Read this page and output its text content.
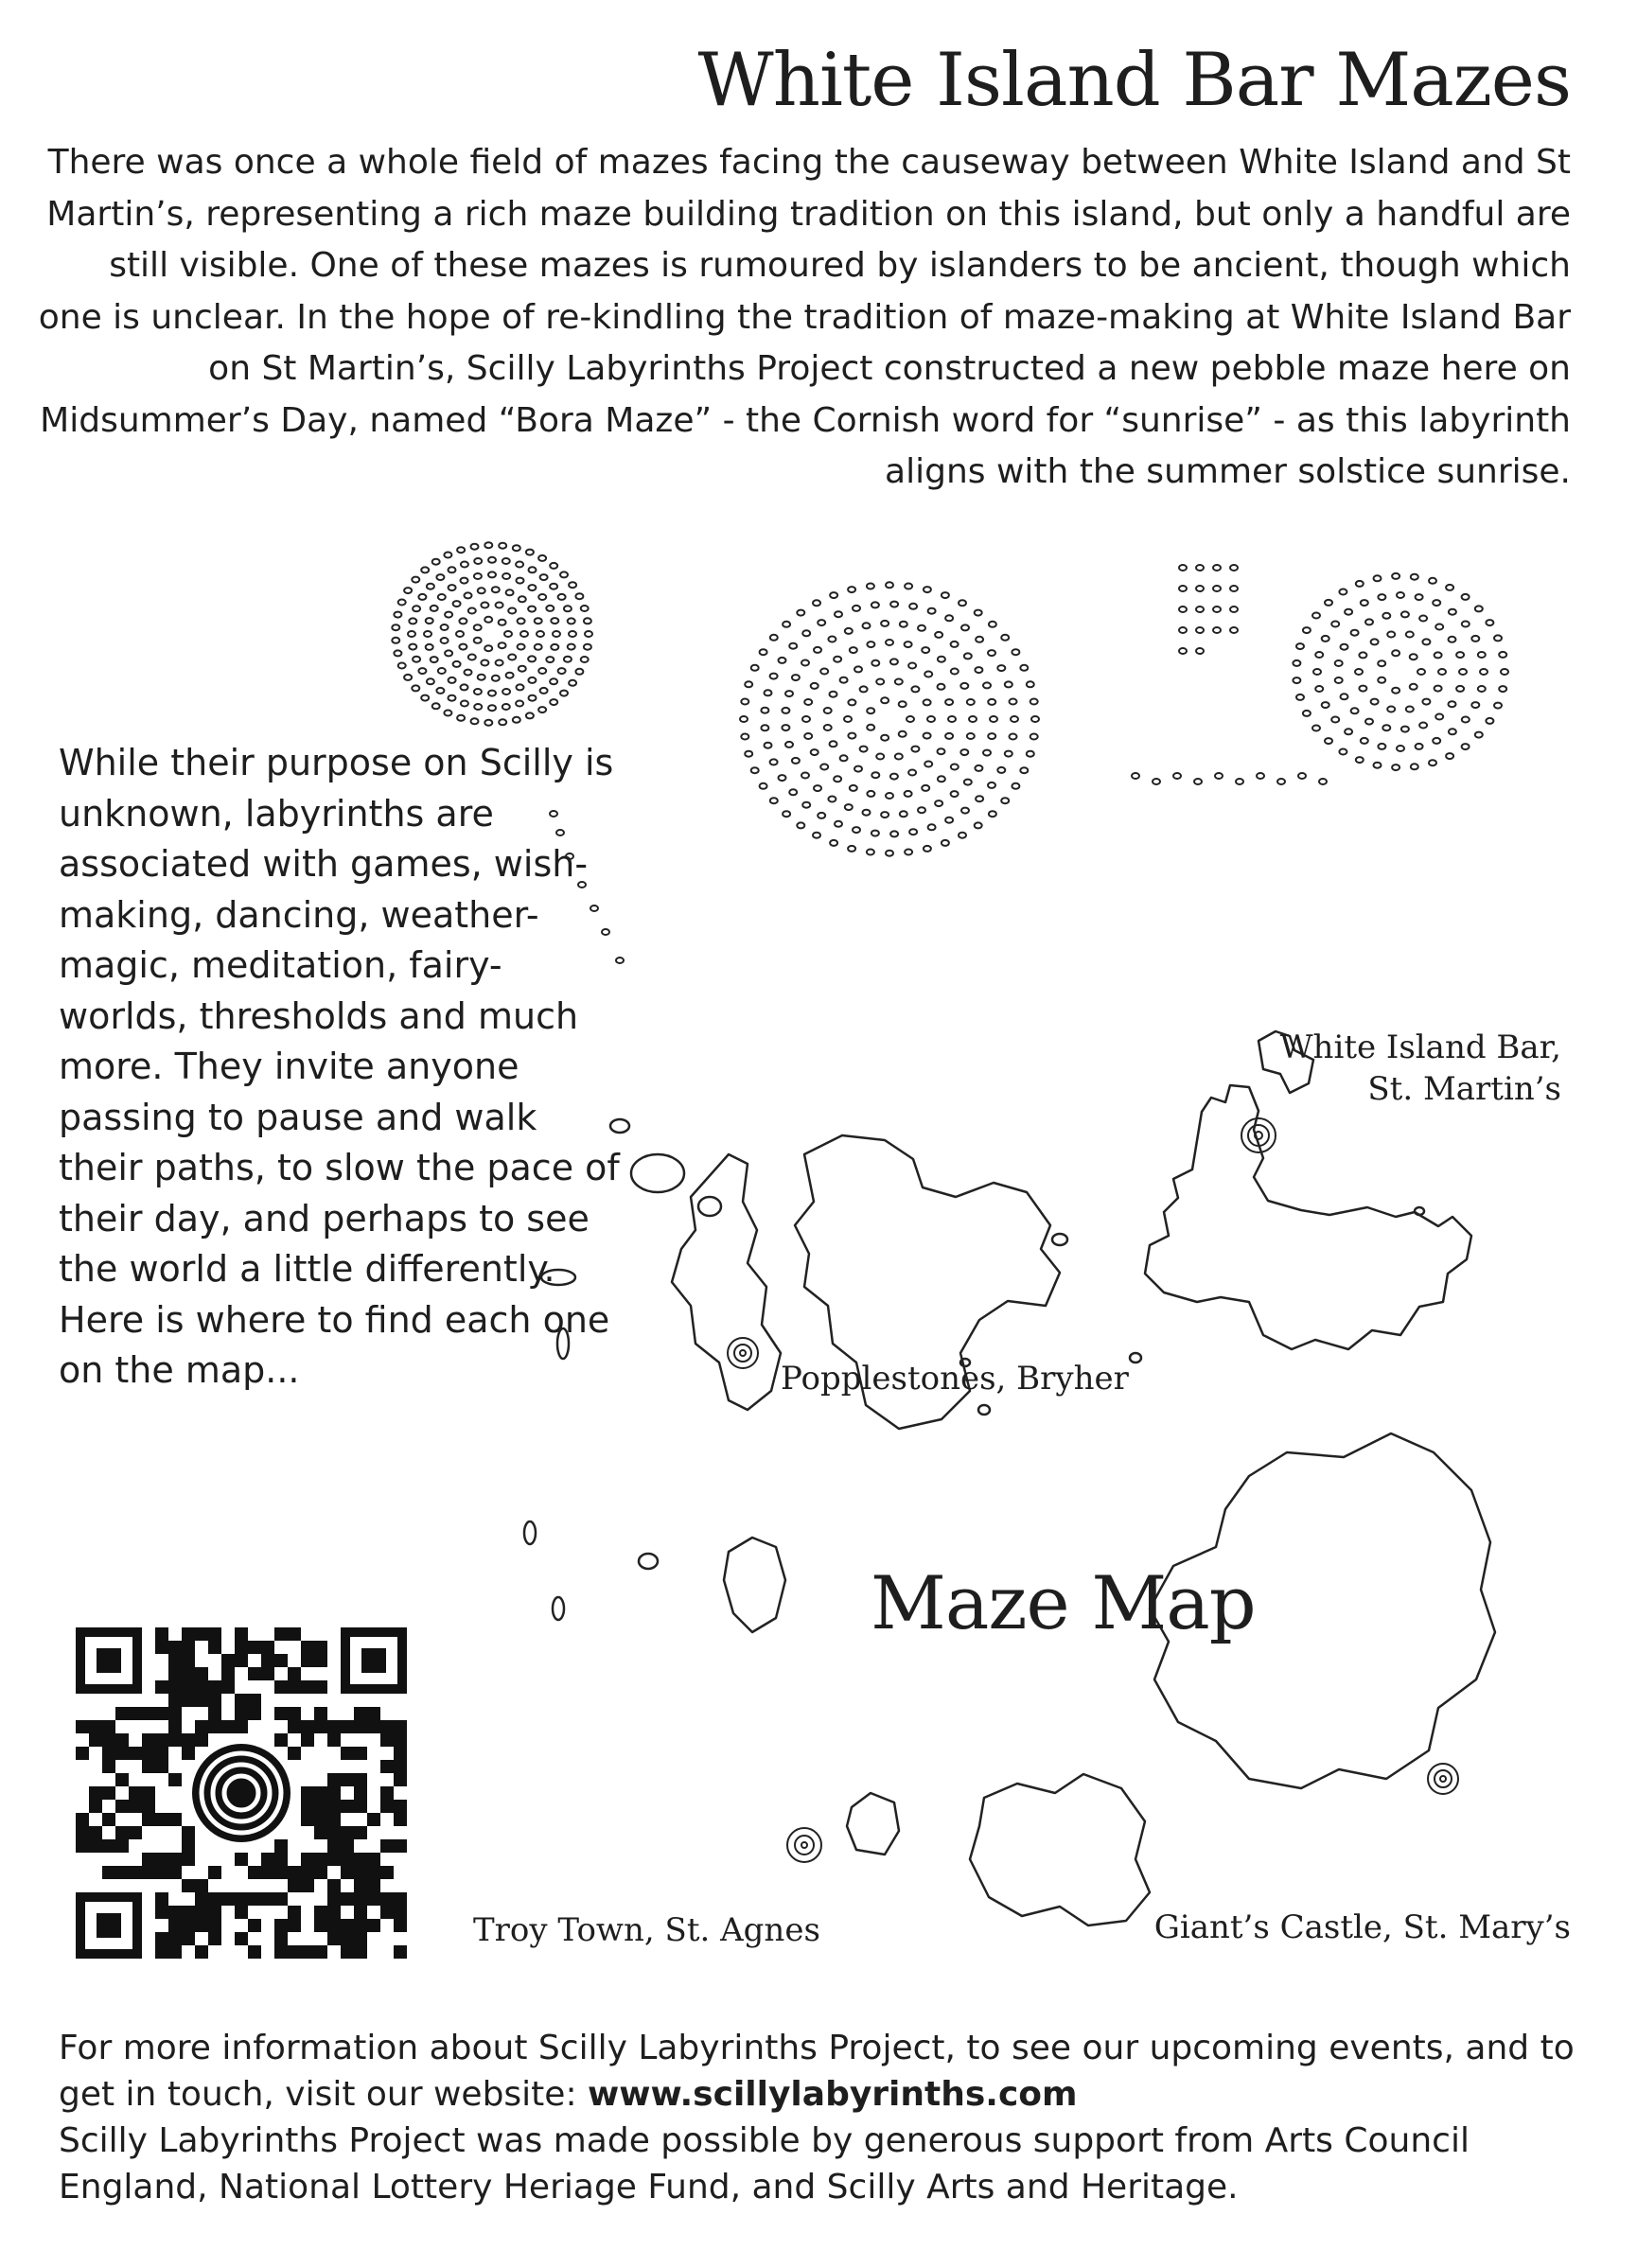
White Island Bar Mazes

There was once a whole field of mazes facing the causeway between White Island and St Martin’s, representing a rich maze building tradition on this island, but only a handful are still visible. One of these mazes is rumoured by islanders to be ancient, though which one is unclear. In the hope of re-kindling the tradition of maze-making at White Island Bar on St Martin’s, Scilly Labyrinths Project constructed a new pebble maze here on Midsummer’s Day, named “Bora Maze” - the Cornish word for “sunrise” - as this labyrinth aligns with the summer solstice sunrise.

While their purpose on Scilly is unknown, labyrinths are associated with games, wish-making, dancing, weather-magic, meditation, fairy-worlds, thresholds and much more. They invite anyone passing to pause and walk their paths, to slow the pace of their day, and perhaps to see the world a little differently. Here is where to find each one on the map...

Maze Map
White Island Bar,
St. Martin’s
Popplestones, Bryher
Troy Town, St. Agnes	Giant’s Castle, St. Mary’s

For more information about Scilly Labyrinths Project, to see our upcoming events, and to get in touch, visit our website: www.scillylabyrinths.com
Scilly Labyrinths Project was made possible by generous support from Arts Council England, National Lottery Heriage Fund, and Scilly Arts and Heritage.
